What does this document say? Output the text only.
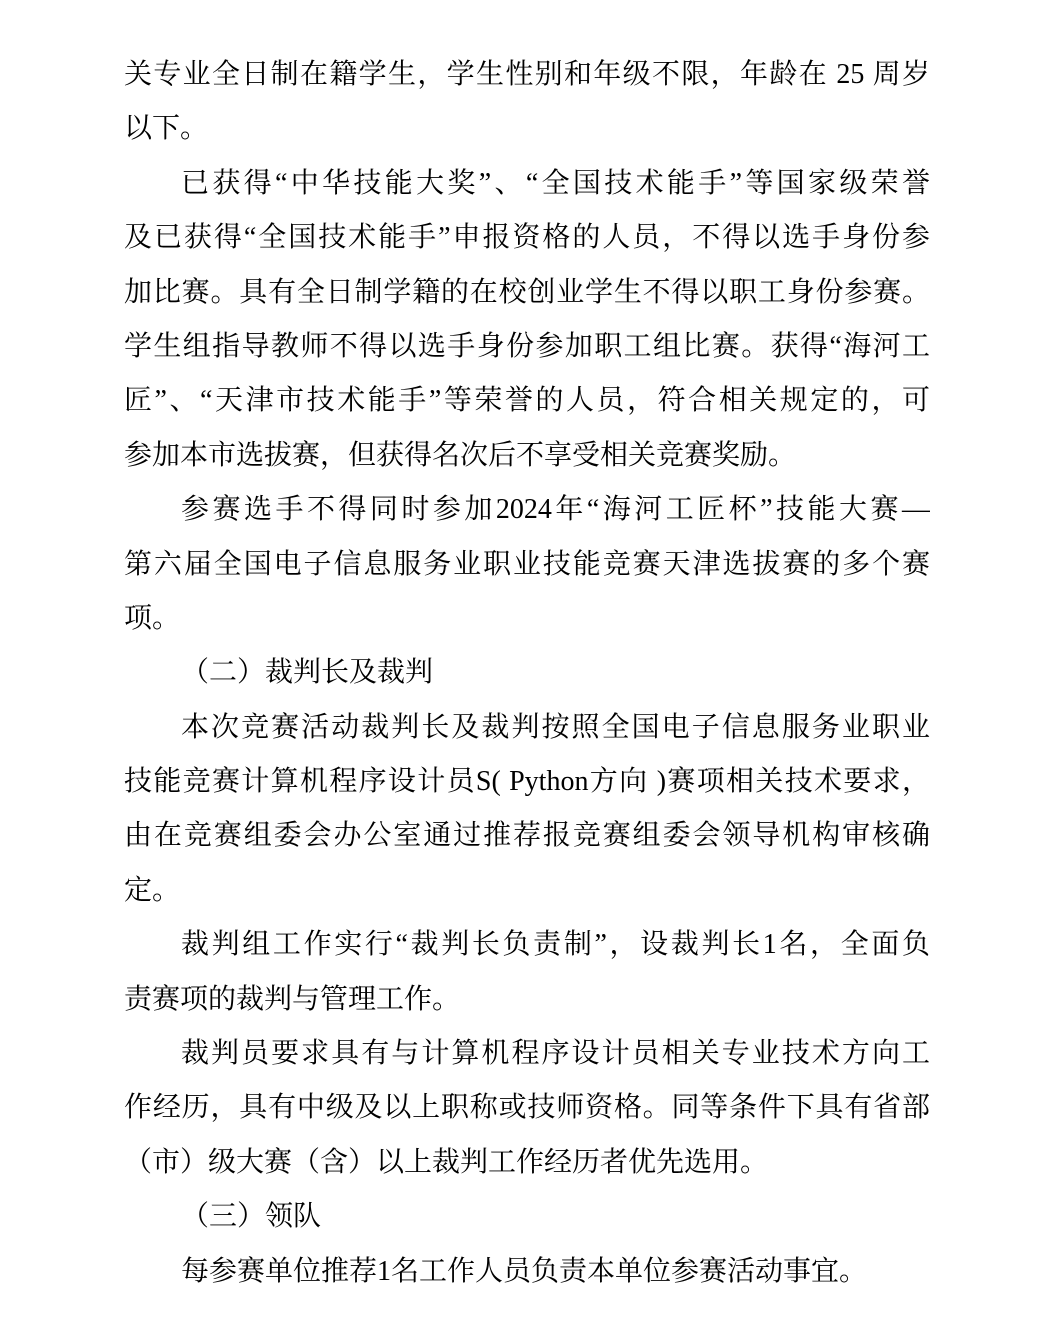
关专业全日制在籍学生，学生性别和年级不限，年龄在 25 周岁
以下。
已获得“中华技能大奖”、“全国技术能手”等国家级荣誉
及已获得“全国技术能手”申报资格的人员，不得以选手身份参
加比赛。具有全日制学籍的在校创业学生不得以职工身份参赛。
学生组指导教师不得以选手身份参加职工组比赛。获得“海河工
匠”、“天津市技术能手”等荣誉的人员，符合相关规定的，可
参加本市选拔赛，但获得名次后不享受相关竞赛奖励。
参赛选手不得同时参加2024年“海河工匠杯”技能大赛—
第六届全国电子信息服务业职业技能竞赛天津选拔赛的多个赛
项。
（二）裁判长及裁判
本次竞赛活动裁判长及裁判按照全国电子信息服务业职业
技能竞赛计算机程序设计员S( Python方向 )赛项相关技术要求，
由在竞赛组委会办公室通过推荐报竞赛组委会领导机构审核确
定。
裁判组工作实行“裁判长负责制”，设裁判长1名，全面负
责赛项的裁判与管理工作。
裁判员要求具有与计算机程序设计员相关专业技术方向工
作经历，具有中级及以上职称或技师资格。同等条件下具有省部
（市）级大赛（含）以上裁判工作经历者优先选用。
（三）领队
每参赛单位推荐1名工作人员负责本单位参赛活动事宜。
